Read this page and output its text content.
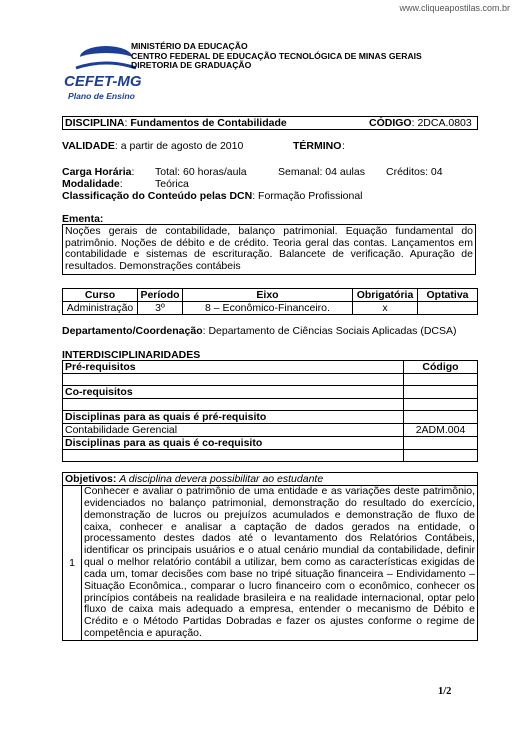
www.cliqueapostilas.com.br
CEFET-MG
MINISTÉRIO DA EDUCAÇÃO
CENTRO FEDERAL DE EDUCAÇÃO TECNOLÓGICA DE MINAS GERAIS
DIRETORIA DE GRADUAÇÃO
Plano de Ensino
DISCIPLINA: Fundamentos de Contabilidade	CÓDIGO: 2DCA.0803
VALIDADE: a partir de agosto de 2010	TÉRMINO :
Carga Horária: Total: 60 horas/aula	Semanal: 04 aulas Créditos: 04
Modalidade:	Teórica
Classificação do Conteúdo pelas DCN: Formação Profissional
Ementa:
Noções gerais de contabilidade, balanço patrimonial. Equação fundamental do patrimônio. Noções de débito e de crédito. Teoria geral das contas. Lançamentos em contabilidade e sistemas de escrituração. Balancete de verificação. Apuração de resultados. Demonstrações contábeis
Curso	Período	Eixo	Obrigatória	Optativa
Administração	3º	8 – Econômico-Financeiro.	x	
Departamento/Coordenação: Departamento de Ciências Sociais Aplicadas (DCSA)
INTERDISCIPLINARIDADES
Pré-requisitos	Código

Co-requisitos	

Disciplinas para as quais é pré-requisito	
Contabilidade Gerencial	2ADM.004
Disciplinas para as quais é co-requisito	

Objetivos: A disciplina devera possibilitar ao estudante
1	Conhecer e avaliar o patrimônio de uma entidade e as variações deste patrimônio, evidenciados no balanço patrimonial, demonstração do resultado do exercício, demonstração de lucros ou prejuízos acumulados e demonstração de fluxo de caixa, conhecer e analisar a captação de dados gerados na entidade, o processamento destes dados até o levantamento dos Relatórios Contábeis, identificar os principais usuários e o atual cenário mundial da contabilidade, definir qual o melhor relatório contábil a utilizar, bem como as características exigidas de cada um, tomar decisões com base no tripé situação financeira – Endividamento – Situação Econômica., comparar o lucro financeiro com o econômico, conhecer os princípios contábeis na realidade brasileira e na realidade internacional, optar pelo fluxo de caixa mais adequado a empresa, entender o mecanismo de Débito e Crédito e o Método Partidas Dobradas e fazer os ajustes conforme o regime de competência e apuração.
1/2
